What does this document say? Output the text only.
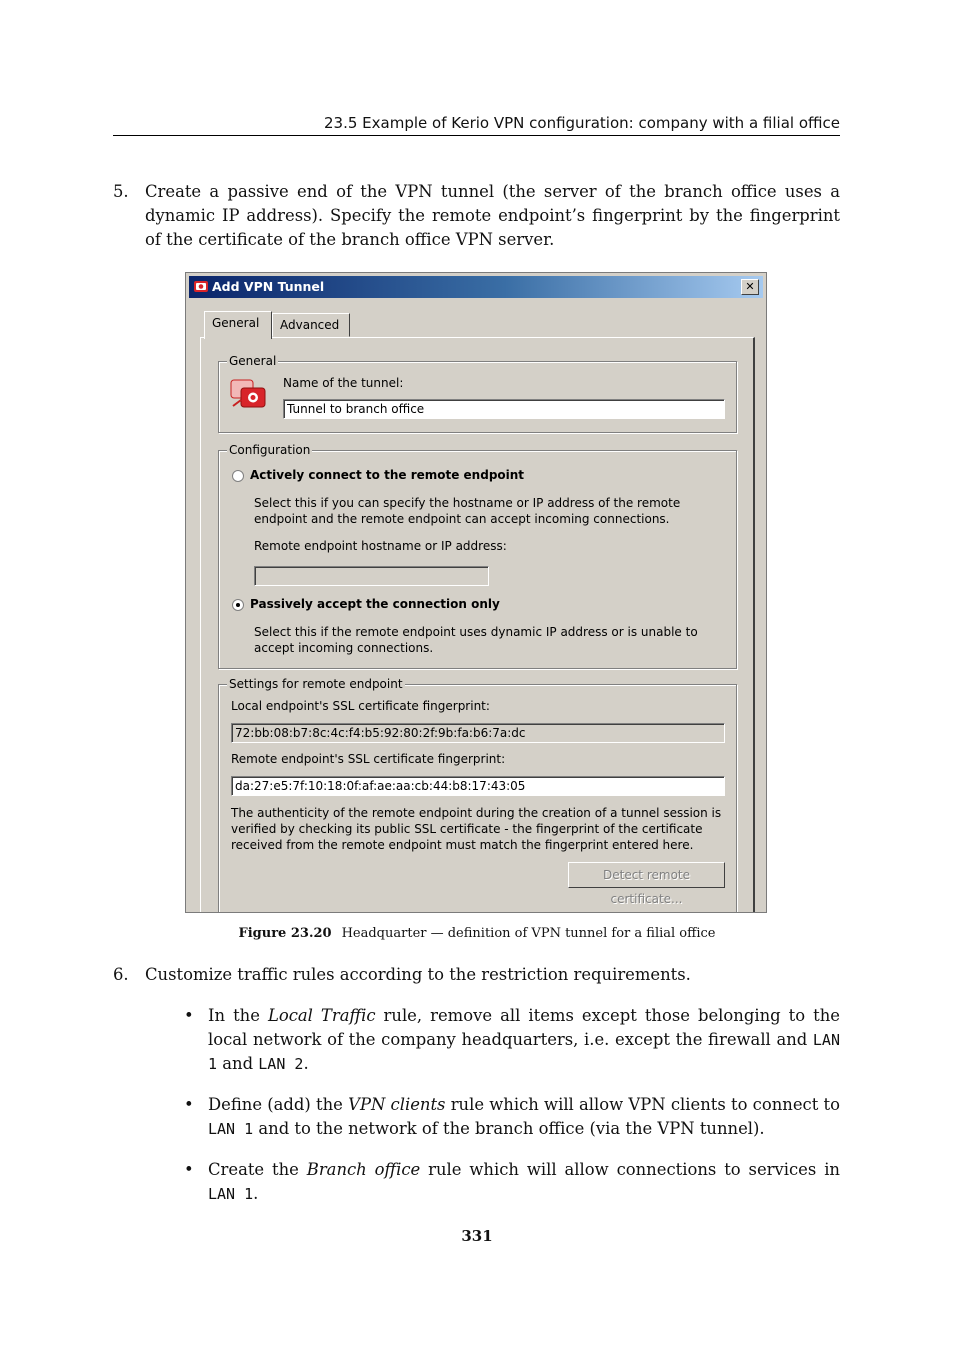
23.5 Example of Kerio VPN configuration: company with a filial office
5. Create a passive end of the VPN tunnel (the server of the branch office uses a dynamic IP address). Specify the remote endpoint’s fingerprint by the fingerprint of the certificate of the branch office VPN server.
Add VPN Tunnel	✕
General	Advanced
General
Name of the tunnel:
Tunnel to branch office
Configuration
Actively connect to the remote endpoint
Select this if you can specify the hostname or IP address of the remote endpoint and the remote endpoint can accept incoming connections.
Remote endpoint hostname or IP address:
Passively accept the connection only
Select this if the remote endpoint uses dynamic IP address or is unable to accept incoming connections.
Settings for remote endpoint
Local endpoint's SSL certificate fingerprint:
72:bb:08:b7:8c:4c:f4:b5:92:80:2f:9b:fa:b6:7a:dc
Remote endpoint's SSL certificate fingerprint:
da:27:e5:7f:10:18:0f:af:ae:aa:cb:44:b8:17:43:05
The authenticity of the remote endpoint during the creation of a tunnel session is verified by checking its public SSL certificate - the fingerprint of the certificate received from the remote endpoint must match the fingerprint entered here.
Detect remote certificate...
Figure 23.20 Headquarter — definition of VPN tunnel for a filial office
6. Customize traffic rules according to the restriction requirements.
• In the Local Traffic rule, remove all items except those belonging to the local network of the company headquarters, i.e. except the firewall and LAN 1 and LAN 2.
• Define (add) the VPN clients rule which will allow VPN clients to connect to LAN 1 and to the network of the branch office (via the VPN tunnel).
• Create the Branch office rule which will allow connections to services in LAN 1.
331
